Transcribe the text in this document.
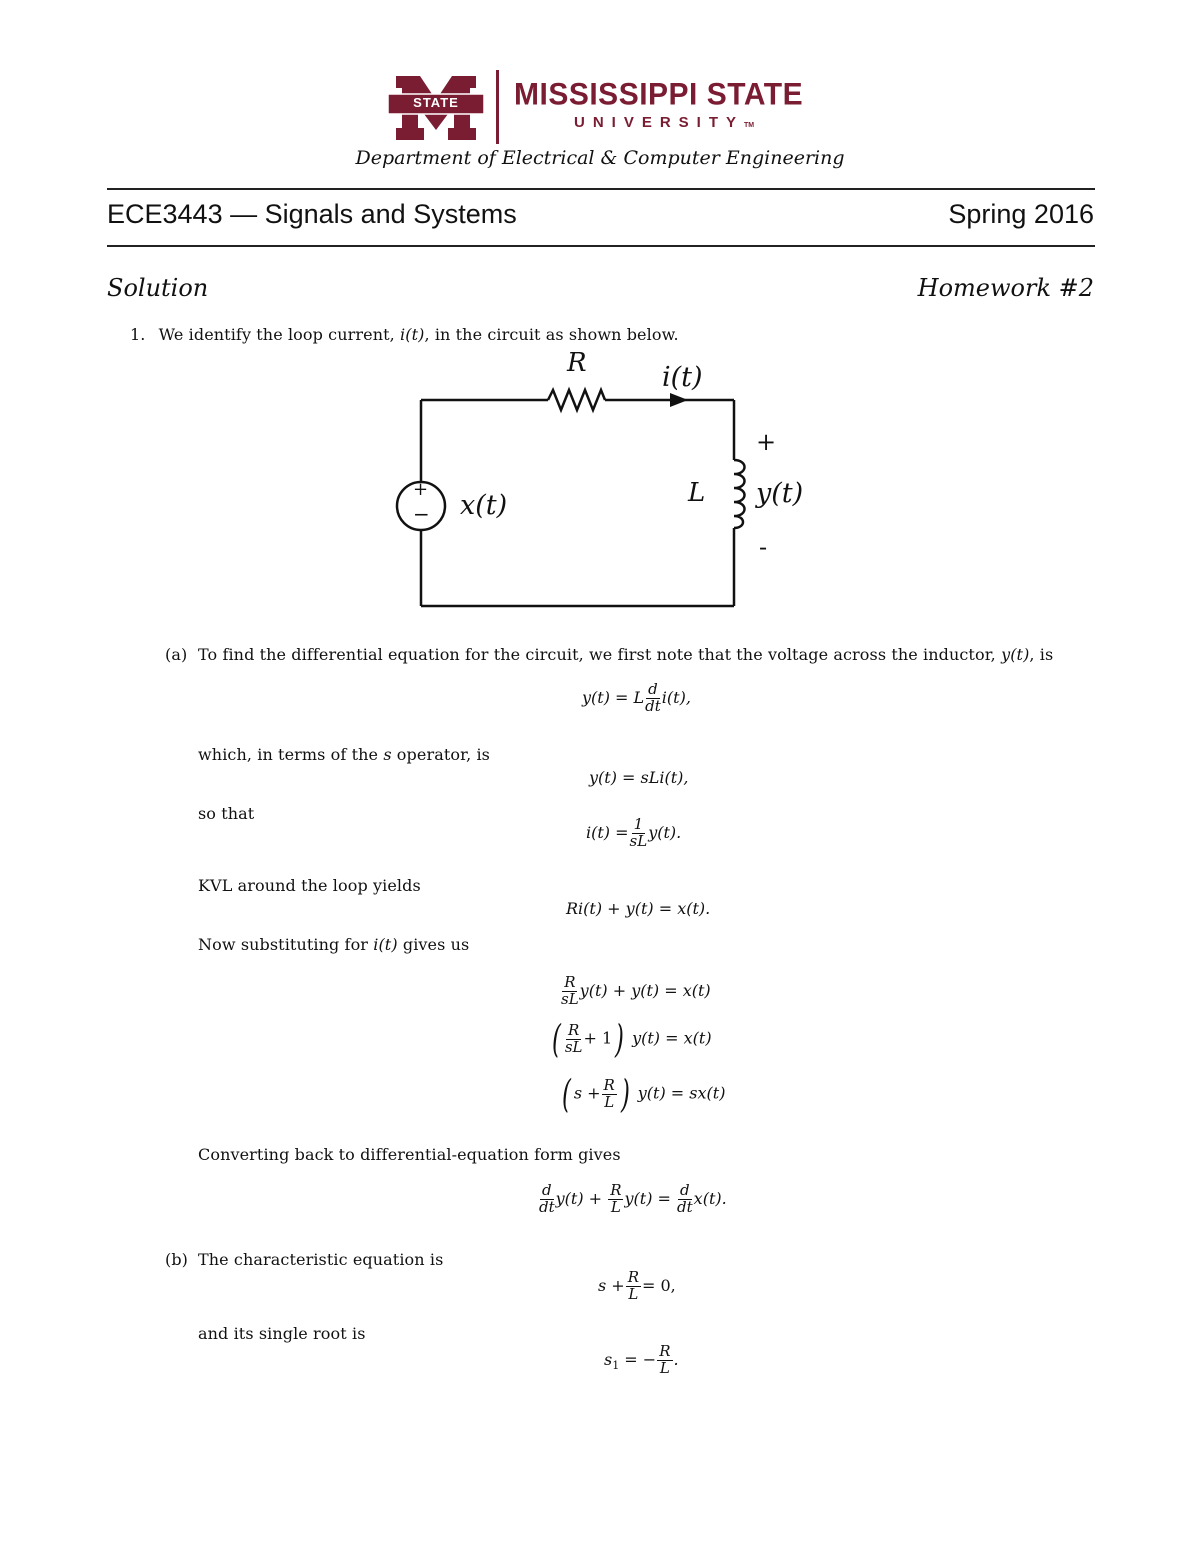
STATE	MISSISSIPPI STATE
UNIVERSITYTM
Department of Electrical & Computer Engineering
ECE3443 — Signals and Systems	Spring 2016
Solution	Homework #2
1. We identify the loop current, i(t), in the circuit as shown below.
R	i(t)
+
L y(t)
-
x(t)
+
−
(a) To find the differential equation for the circuit, we first note that the voltage across the inductor, y(t), is
y(t) = L $\frac{d}{dt} i(t)$,
which, in terms of the s operator, is
y(t) = sLi(t),
so that
$i(t) = \frac{1}{sL} y(t)$.
KVL around the loop yields
Ri(t) + y(t) = x(t).
Now substituting for i(t) gives us
$\frac{R}{sL} y(t) + y(t) = x(t)$
( $\frac{R}{sL} + 1$) y(t) = x(t)
( $s + \frac{R}{L}$ ) y(t) = sx(t)
Converting back to differential-equation form gives
$\frac{d}{dt} y(t) + \frac{R}{L} y(t) = \frac{d}{dt} x(t)$.
(b) The characteristic equation is
$s + \frac{R}{L} = 0$,
and its single root is
$s_1$ = − $\frac{R}{L}$ .
